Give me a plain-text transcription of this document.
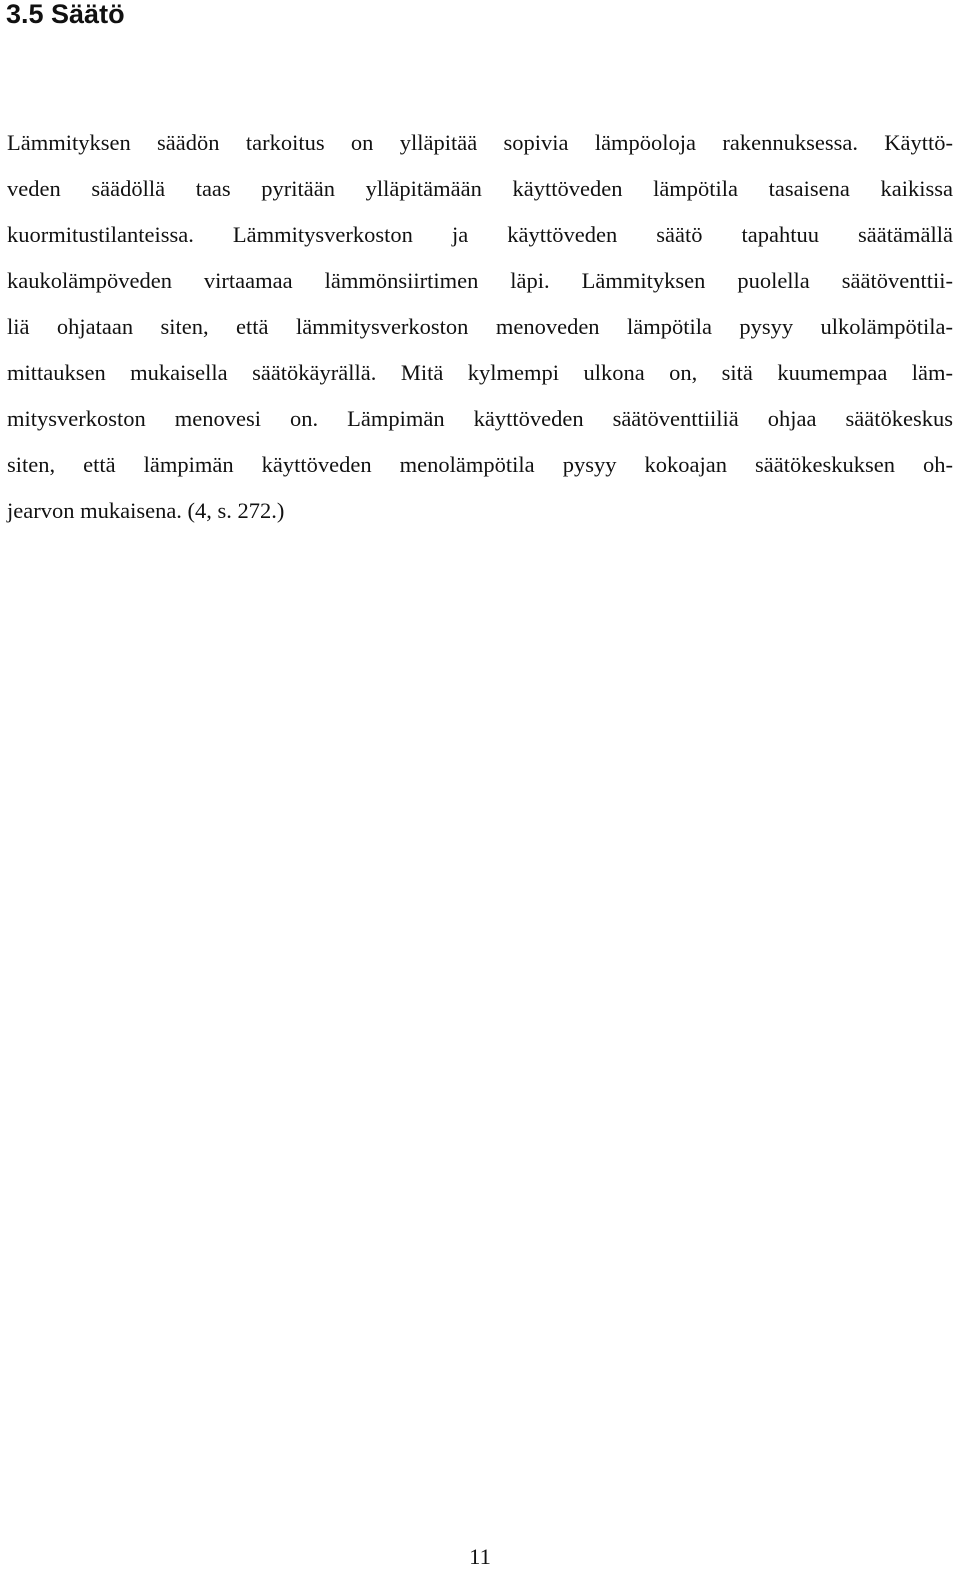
3.5 Säätö
Lämmityksen säädön tarkoitus on ylläpitää sopivia lämpöoloja rakennuksessa. Käyttö-
veden säädöllä taas pyritään ylläpitämään käyttöveden lämpötila tasaisena kaikissa
kuormitustilanteissa. Lämmitysverkoston ja käyttöveden säätö tapahtuu säätämällä
kaukolämpöveden virtaamaa lämmönsiirtimen läpi. Lämmityksen puolella säätöventtii-
liä ohjataan siten, että lämmitysverkoston menoveden lämpötila pysyy ulkolämpötila-
mittauksen mukaisella säätökäyrällä. Mitä kylmempi ulkona on, sitä kuumempaa läm-
mitysverkoston menovesi on. Lämpimän käyttöveden säätöventtiiliä ohjaa säätökeskus
siten, että lämpimän käyttöveden menolämpötila pysyy kokoajan säätökeskuksen oh-
jearvon mukaisena. (4, s. 272.)
11
